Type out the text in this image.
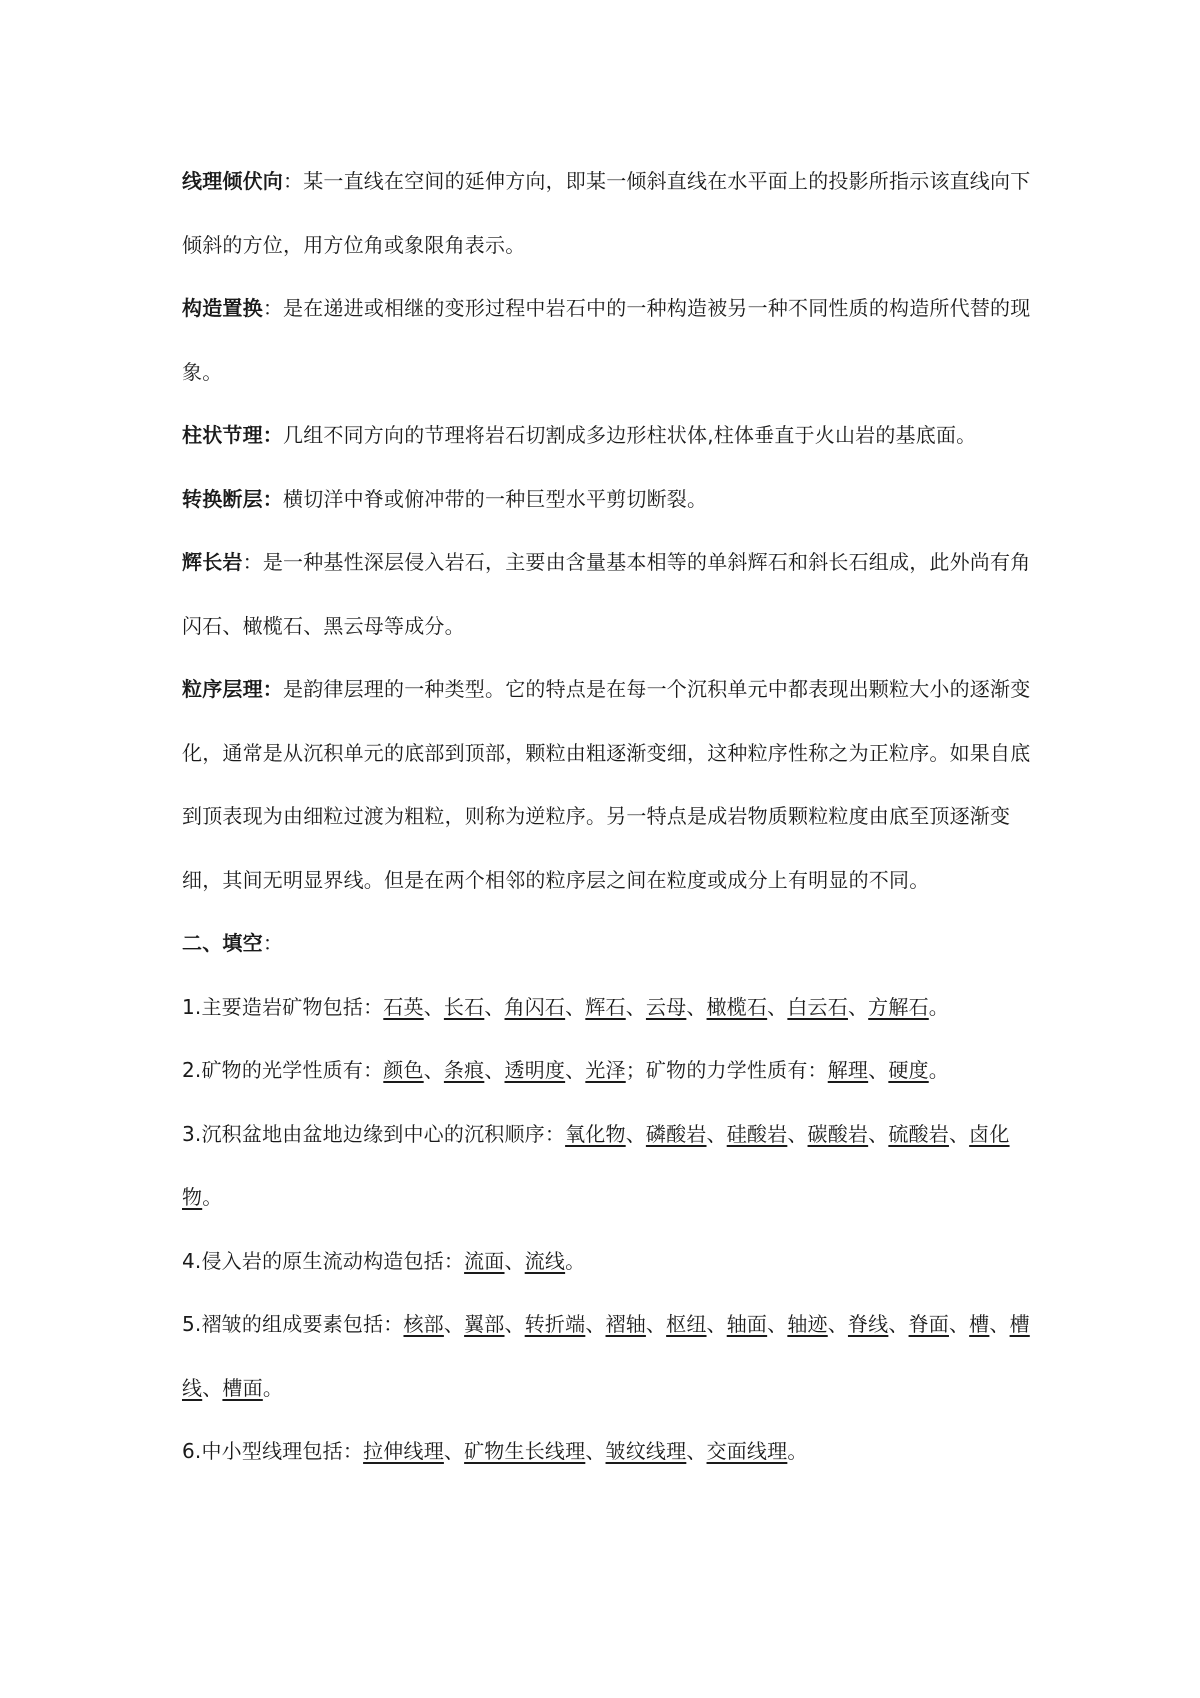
线理倾伏向：某一直线在空间的延伸方向，即某一倾斜直线在水平面上的投影所指示该直线向下倾斜的方位，用方位角或象限角表示。

构造置换：是在递进或相继的变形过程中岩石中的一种构造被另一种不同性质的构造所代替的现象。

柱状节理：几组不同方向的节理将岩石切割成多边形柱状体,柱体垂直于火山岩的基底面。

转换断层：横切洋中脊或俯冲带的一种巨型水平剪切断裂。

辉长岩：是一种基性深层侵入岩石，主要由含量基本相等的单斜辉石和斜长石组成，此外尚有角闪石、橄榄石、黑云母等成分。

粒序层理：是韵律层理的一种类型。它的特点是在每一个沉积单元中都表现出颗粒大小的逐渐变化，通常是从沉积单元的底部到顶部，颗粒由粗逐渐变细，这种粒序性称之为正粒序。如果自底到顶表现为由细粒过渡为粗粒，则称为逆粒序。另一特点是成岩物质颗粒粒度由底至顶逐渐变细，其间无明显界线。但是在两个相邻的粒序层之间在粒度或成分上有明显的不同。

二、填空：

1.主要造岩矿物包括：石英、长石、角闪石、辉石、云母、橄榄石、白云石、方解石。

2.矿物的光学性质有：颜色、条痕、透明度、光泽；矿物的力学性质有：解理、硬度。

3.沉积盆地由盆地边缘到中心的沉积顺序：氧化物、磷酸岩、硅酸岩、碳酸岩、硫酸岩、卤化物。

4.侵入岩的原生流动构造包括：流面、流线。

5.褶皱的组成要素包括：核部、翼部、转折端、褶轴、枢纽、轴面、轴迹、脊线、脊面、槽、槽线、槽面。

6.中小型线理包括：拉伸线理、矿物生长线理、皱纹线理、交面线理。
